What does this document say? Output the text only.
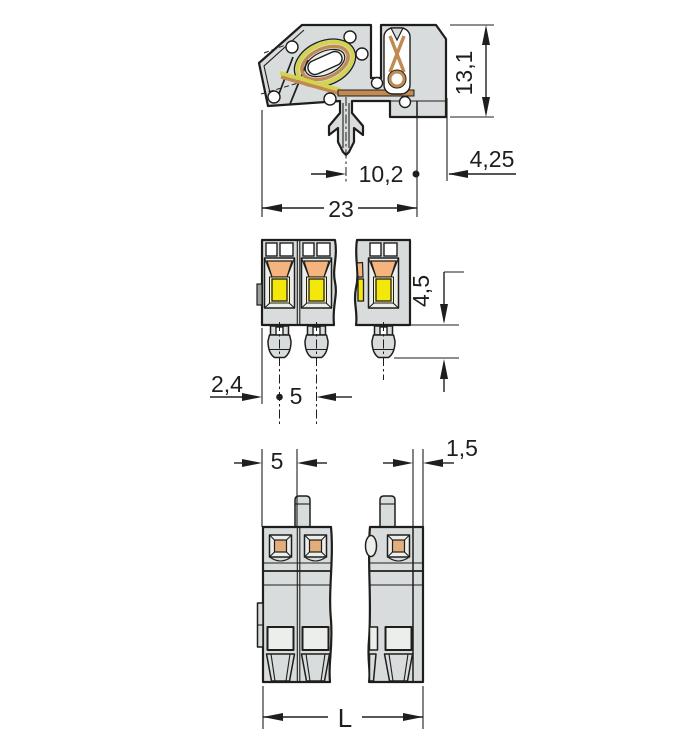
13,1
4,25
10,2
23
4,5
2,4 5
5	1,5
L
